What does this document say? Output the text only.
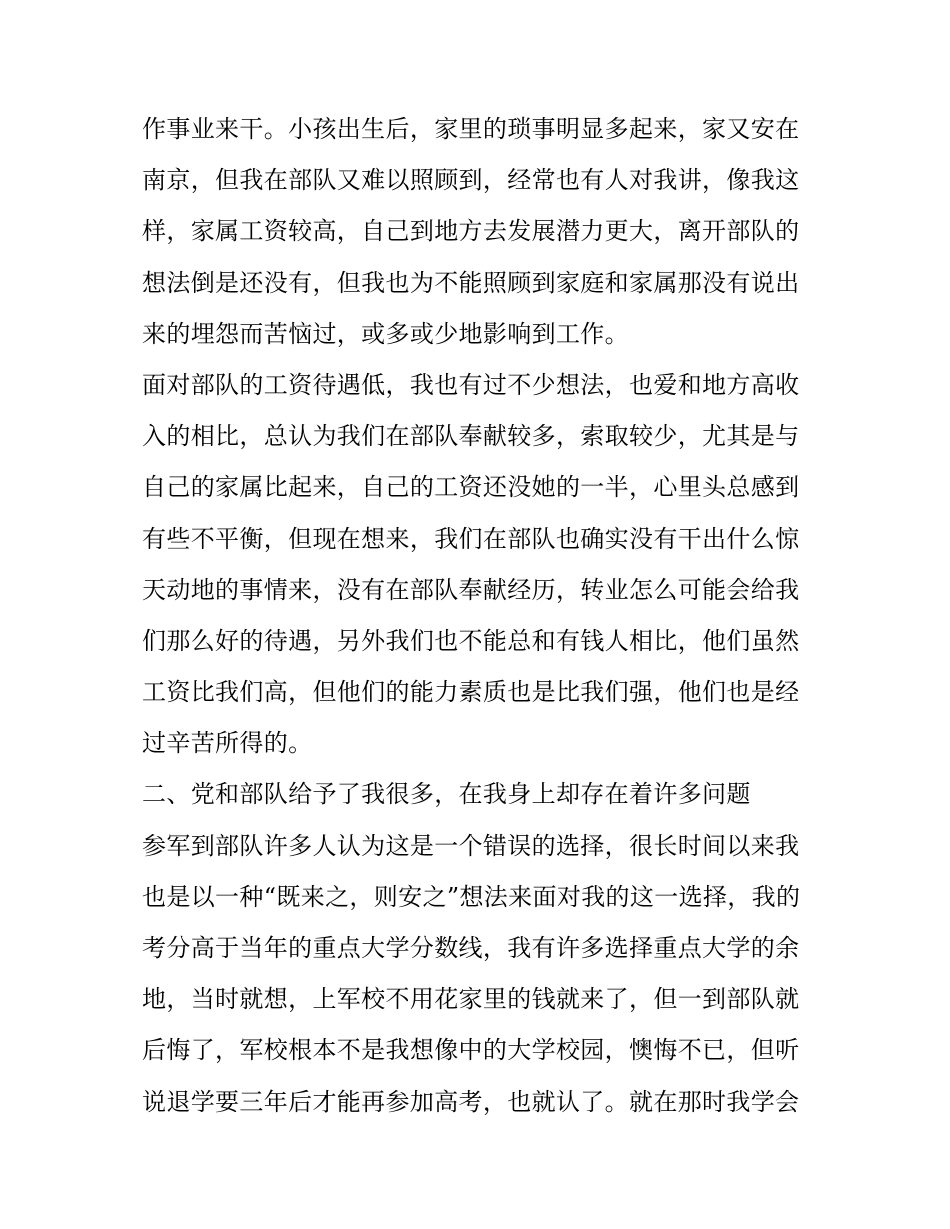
作事业来干。小孩出生后，家里的琐事明显多起来，家又安在
南京，但我在部队又难以照顾到，经常也有人对我讲，像我这
样，家属工资较高，自己到地方去发展潜力更大，离开部队的
想法倒是还没有，但我也为不能照顾到家庭和家属那没有说出
来的埋怨而苦恼过，或多或少地影响到工作。
面对部队的工资待遇低，我也有过不少想法，也爱和地方高收
入的相比，总认为我们在部队奉献较多，索取较少，尤其是与
自己的家属比起来，自己的工资还没她的一半，心里头总感到
有些不平衡，但现在想来，我们在部队也确实没有干出什么惊
天动地的事情来，没有在部队奉献经历，转业怎么可能会给我
们那么好的待遇，另外我们也不能总和有钱人相比，他们虽然
工资比我们高，但他们的能力素质也是比我们强，他们也是经
过辛苦所得的。
二、党和部队给予了我很多，在我身上却存在着许多问题
参军到部队许多人认为这是一个错误的选择，很长时间以来我
也是以一种“既来之，则安之”想法来面对我的这一选择，我的
考分高于当年的重点大学分数线，我有许多选择重点大学的余
地，当时就想，上军校不用花家里的钱就来了，但一到部队就
后悔了，军校根本不是我想像中的大学校园，懊悔不已，但听
说退学要三年后才能再参加高考，也就认了。就在那时我学会
